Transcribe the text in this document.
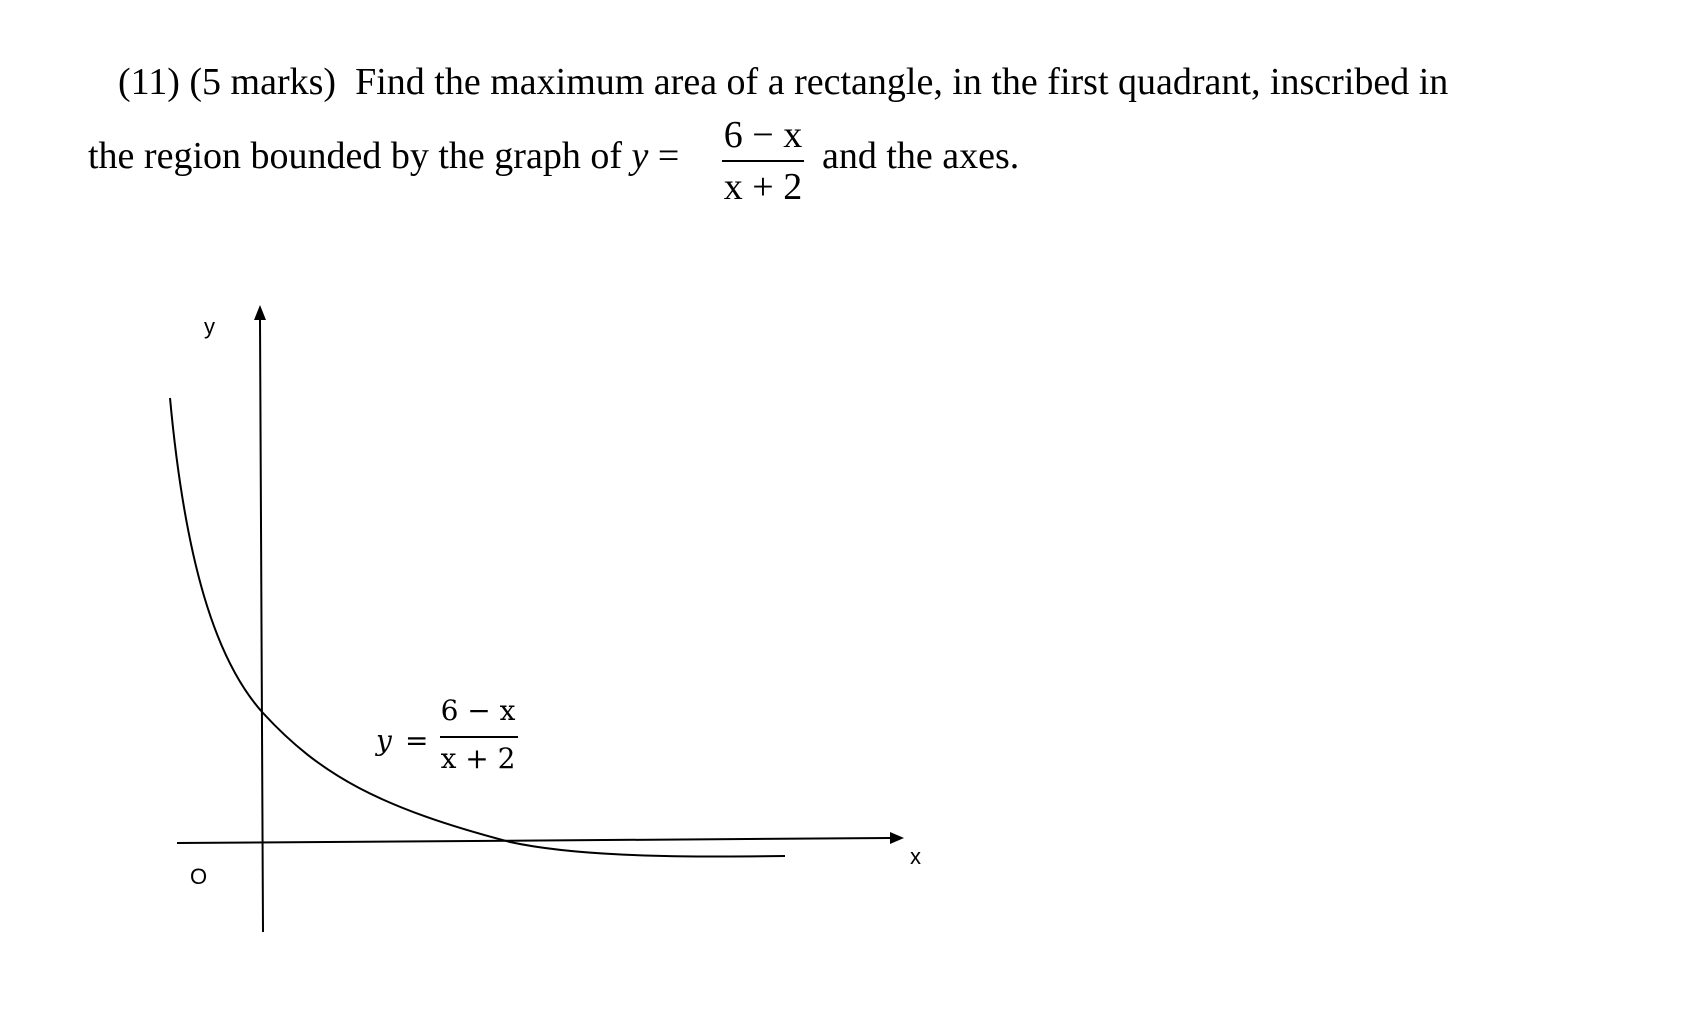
(11) (5 marks) Find the maximum area of a rectangle, in the first quadrant, inscribed in
the region bounded by the graph of y = 6 − x
x + 2
and the axes.
y
x
O
y =
6 − x
x + 2
